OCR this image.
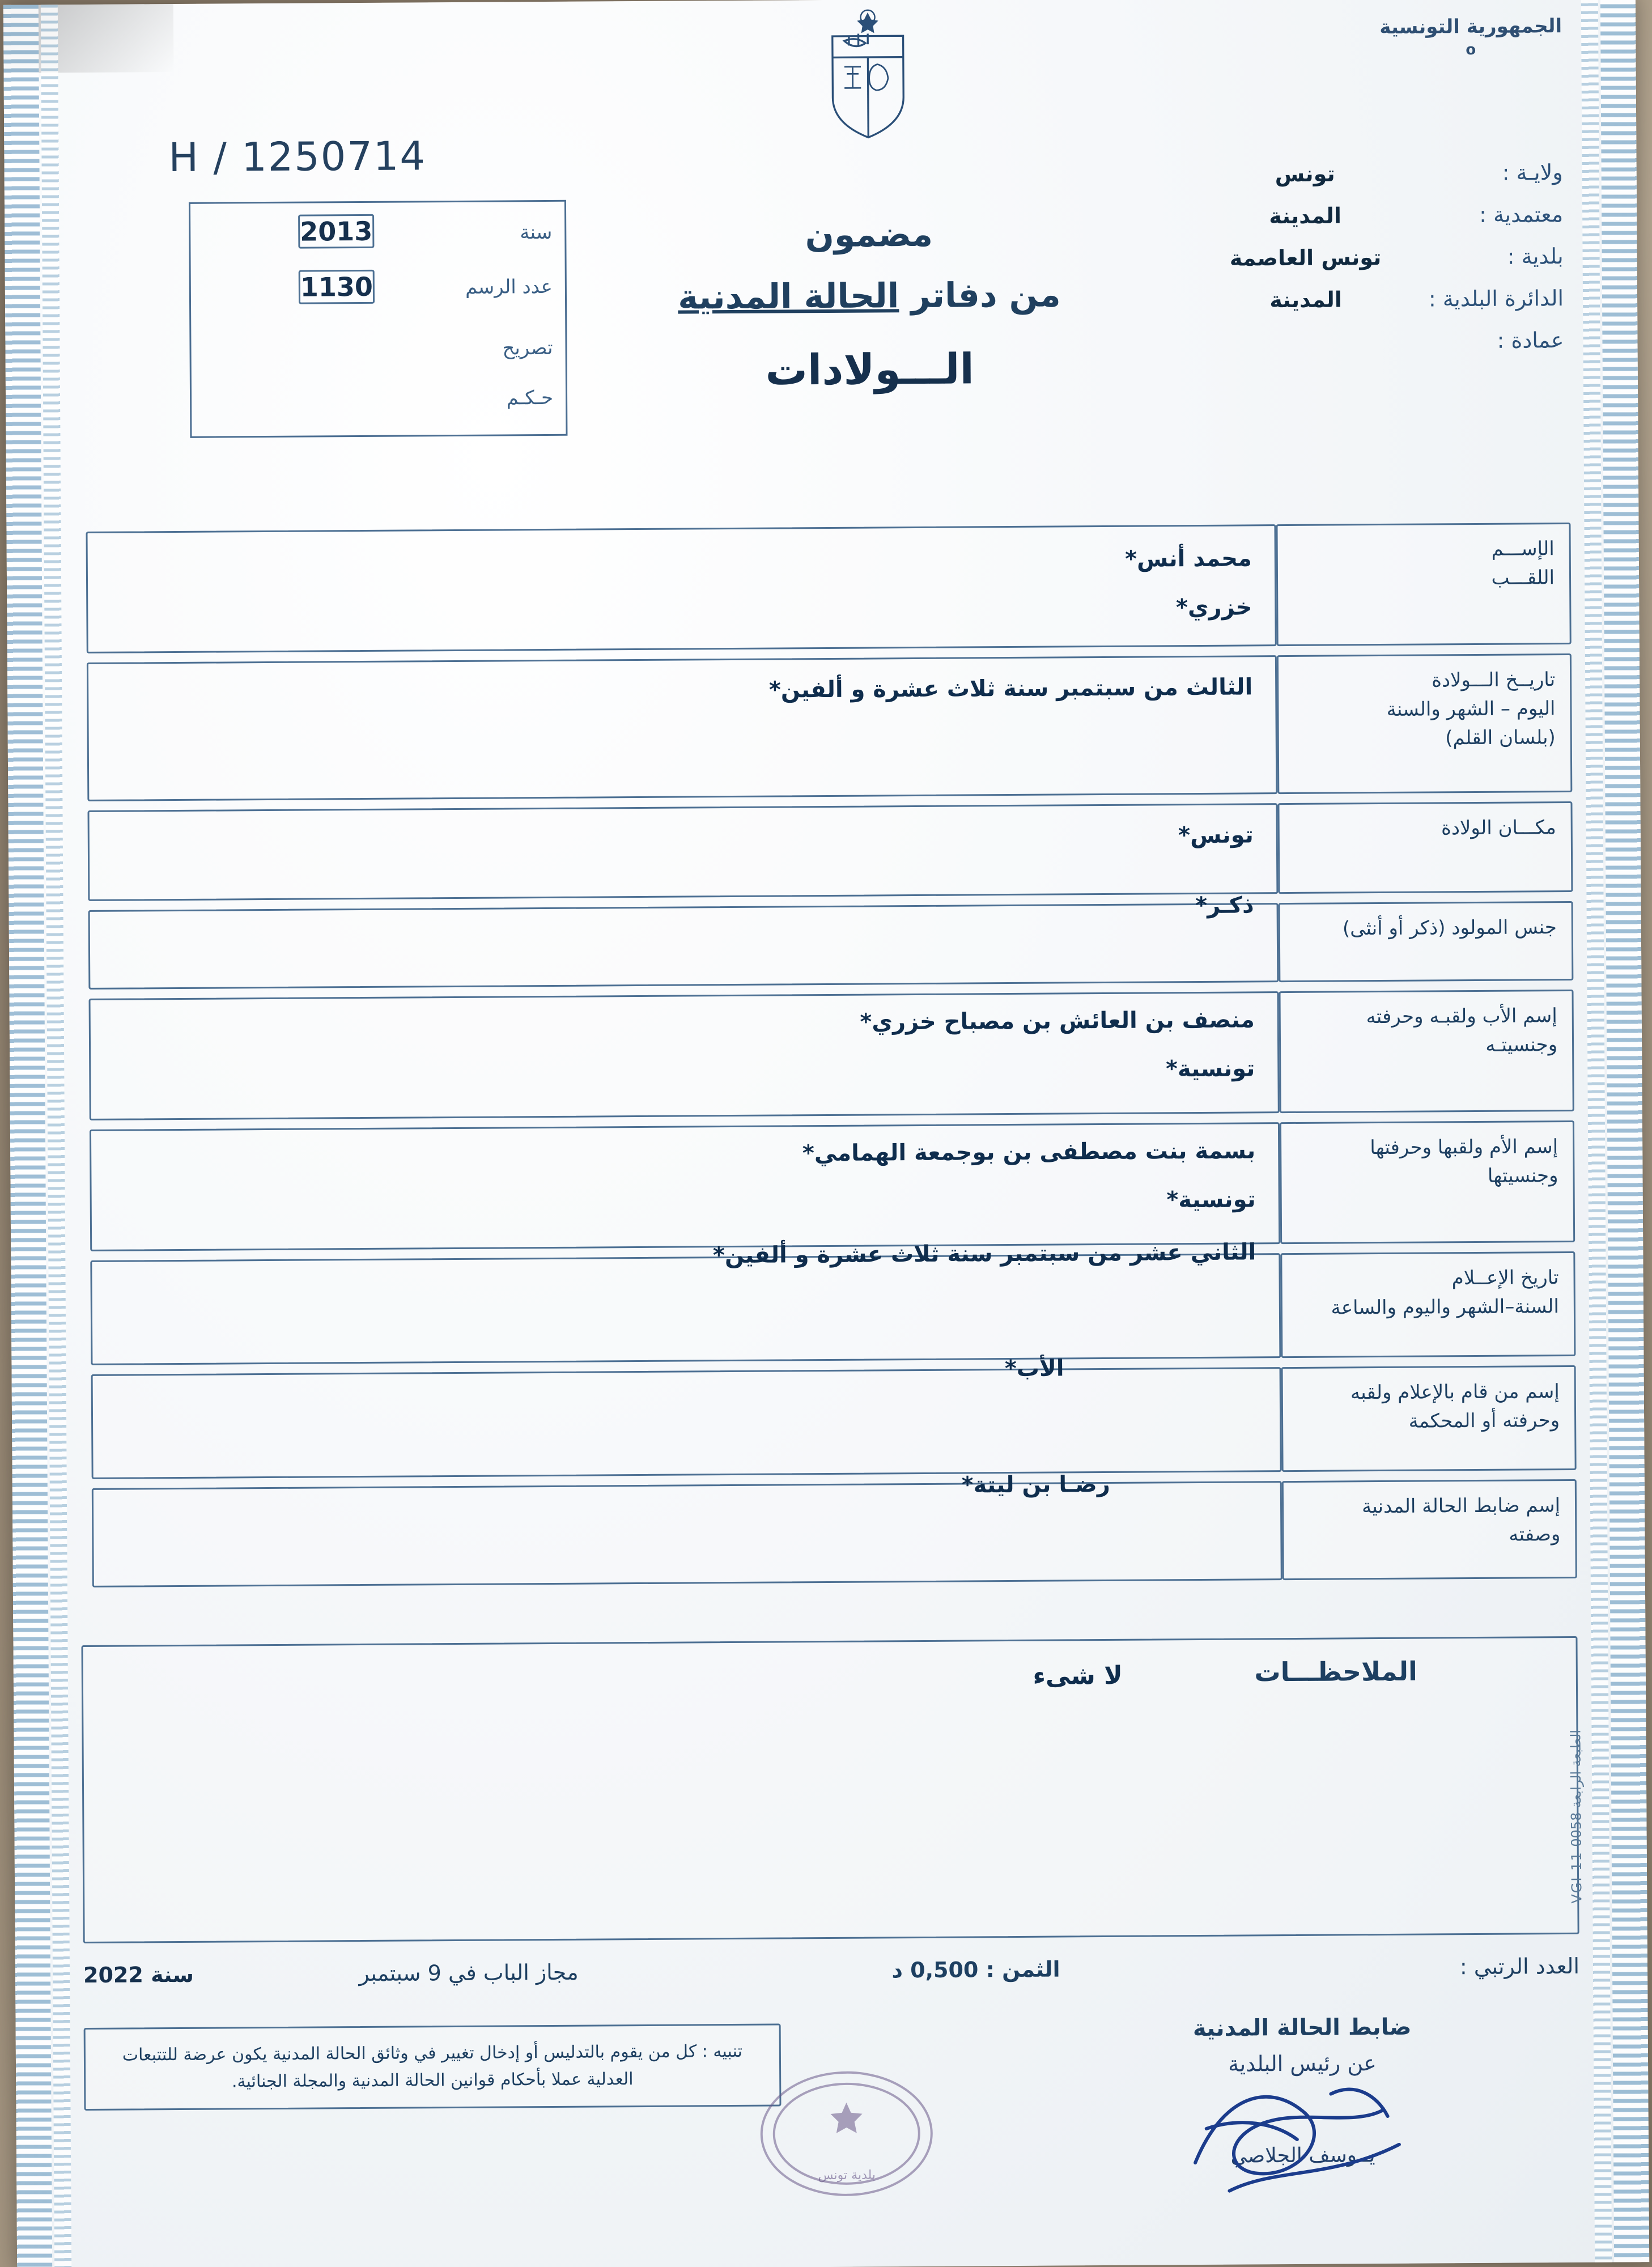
الجمهورية التونسية
o
H / 1250714
سنة
2013
عدد الرسم
1130
تصريح
حـكـم
مضمون
من دفاتر الحالة المدنية
الـــولادات
ولايـة :
تونس
معتمدية :
المدينة
بلدية :
تونس العاصمة
الدائرة البلدية :
المدينة
عمادة :
الإســـم
اللقـــب
محمد أنس*
خزري*
تاريــخ الـــولادة
اليوم – الشهر والسنة
(بلسان القلم)
الثالث من سبتمبر سنة ثلاث عشرة و ألفين*
مكـــان الولادة
تونس*
جنس المولود (ذكر أو أنثى)
ذكـر*
إسم الأب ولقبـه وحرفته
وجنسيتـه
منصف بن العائش بن مصباح خزري*
تونسية*
إسم الأم ولقبها وحرفتها
وجنسيتها
بسمة بنت مصطفى بن بوجمعة الهمامي*
تونسية*
تاريخ الإعــلام
السنة–الشهر واليوم والساعة
الثاني عشر من سبتمبر سنة ثلاث عشرة و ألفين*
إسم من قام بالإعلام ولقبه
وحرفته أو المحكمة
الأب*
إسم ضابط الحالة المدنية
وصفته
رضـا بن ليتة*
الملاحظـــات
لا شىء
الطبعة الرابعة 0058 VGI 11
العدد الرتبي :
الثمن : 0,500 د
مجاز الباب في 9 سبتمبر
سنة 2022
تنبيه : كل من يقوم بالتدليس أو إدخال تغيير في وثائق الحالة المدنية يكون عرضة للتتبعات العدلية عملا بأحكام قوانين الحالة المدنية والمجلة الجنائية.
ضابط الحالة المدنية
عن رئيس البلدية
يــوسف الجلاصي
بلدية تونس
